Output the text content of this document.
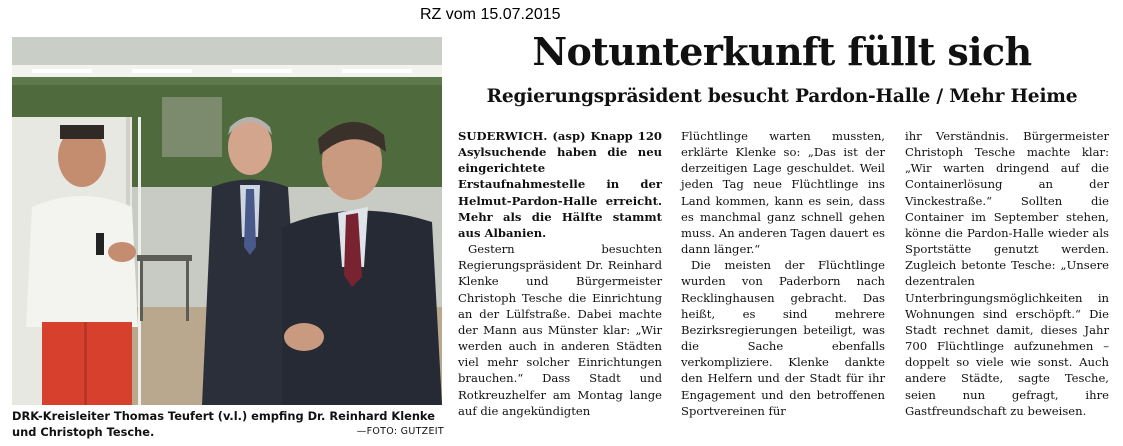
RZ vom 15.07.2015
DRK-Kreisleiter Thomas Teufert (v.l.) empfing Dr. Reinhard Klenke und Christoph Tesche.	—FOTO: GUTZEIT
Notunterkunft füllt sich
Regierungspräsident besucht Pardon-Halle / Mehr Heime

SUDERWICH. (asp) Knapp 120 Asylsuchende haben die neu eingerichtete Erstaufnahmestelle in der Helmut-Pardon-Halle erreicht. Mehr als die Hälfte stammt aus Albanien.

Gestern besuchten Regierungspräsident Dr. Reinhard Klenke und Bürgermeister Christoph Tesche die Einrichtung an der Lülfstraße. Dabei machte der Mann aus Münster klar: „Wir werden auch in anderen Städten viel mehr solcher Einrichtungen brauchen.“ Dass Stadt und Rotkreuzhelfer am Montag lange auf die angekündigten

Flüchtlinge warten mussten, erklärte Klenke so: „Das ist der derzeitigen Lage geschuldet. Weil jeden Tag neue Flüchtlinge ins Land kommen, kann es sein, dass es manchmal ganz schnell gehen muss. An anderen Tagen dauert es dann länger.“

Die meisten der Flüchtlinge wurden von Paderborn nach Recklinghausen gebracht. Das heißt, es sind mehrere Bezirksregierungen beteiligt, was die Sache ebenfalls verkompliziere. Klenke dankte den Helfern und der Stadt für ihr Engagement und den betroffenen Sportvereinen für

ihr Verständnis. Bürgermeister Christoph Tesche machte klar: „Wir warten dringend auf die Containerlösung an der Vinckestraße.“ Sollten die Container im September stehen, könne die Pardon-Halle wieder als Sportstätte genutzt werden. Zugleich betonte Tesche: „Unsere dezentralen Unterbringungsmöglichkeiten in Wohnungen sind erschöpft.“ Die Stadt rechnet damit, dieses Jahr 700 Flüchtlinge aufzunehmen – doppelt so viele wie sonst. Auch andere Städte, sagte Tesche, seien nun gefragt, ihre Gastfreundschaft zu beweisen.
